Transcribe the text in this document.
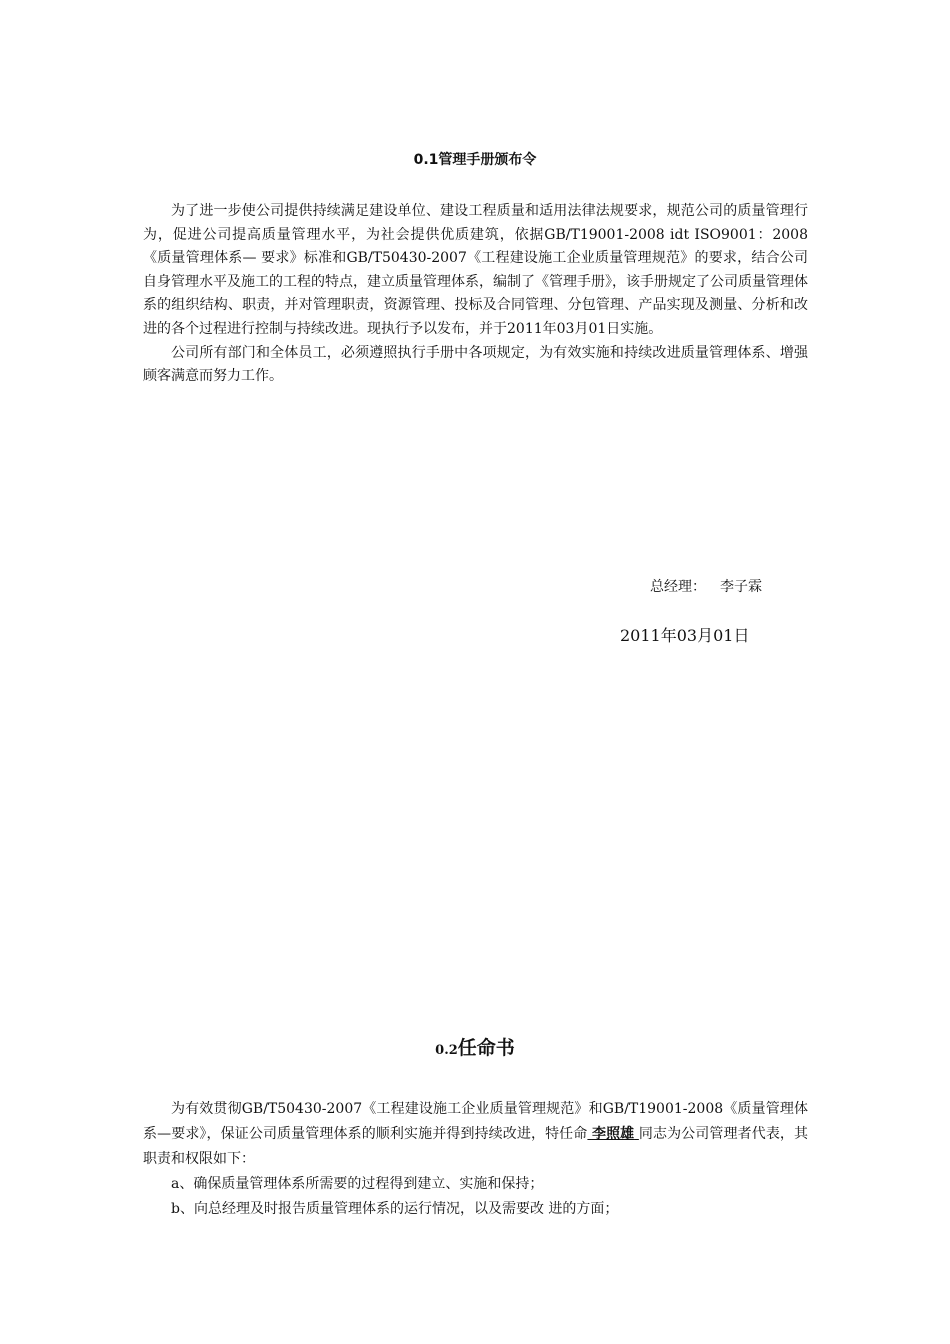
0.1管理手册颁布令

为了进一步使公司提供持续满足建设单位、建设工程质量和适用法律法规要求，规范公司的质量管理行为，促进公司提高质量管理水平，为社会提供优质建筑，依据GB/T19001-2008 idt ISO9001：2008《质量管理体系— 要求》标准和GB/T50430-2007《工程建设施工企业质量管理规范》的要求，结合公司自身管理水平及施工的工程的特点，建立质量管理体系，编制了《管理手册》，该手册规定了公司质量管理体系的组织结构、职责，并对管理职责，资源管理、投标及合同管理、分包管理、产品实现及测量、分析和改进的各个过程进行控制与持续改进。现执行予以发布，并于2011年03月01日实施。

公司所有部门和全体员工，必须遵照执行手册中各项规定，为有效实施和持续改进质量管理体系、增强顾客满意而努力工作。

总经理： 李子霖
2011年03月01日
0.2任命书

为有效贯彻GB/T50430-2007《工程建设施工企业质量管理规范》和GB/T19001-2008《质量管理体系—要求》，保证公司质量管理体系的顺利实施并得到持续改进，特任命 李照雄 同志为公司管理者代表，其职责和权限如下：

a、确保质量管理体系所需要的过程得到建立、实施和保持；

b、向总经理及时报告质量管理体系的运行情况，以及需要改 进的方面；
